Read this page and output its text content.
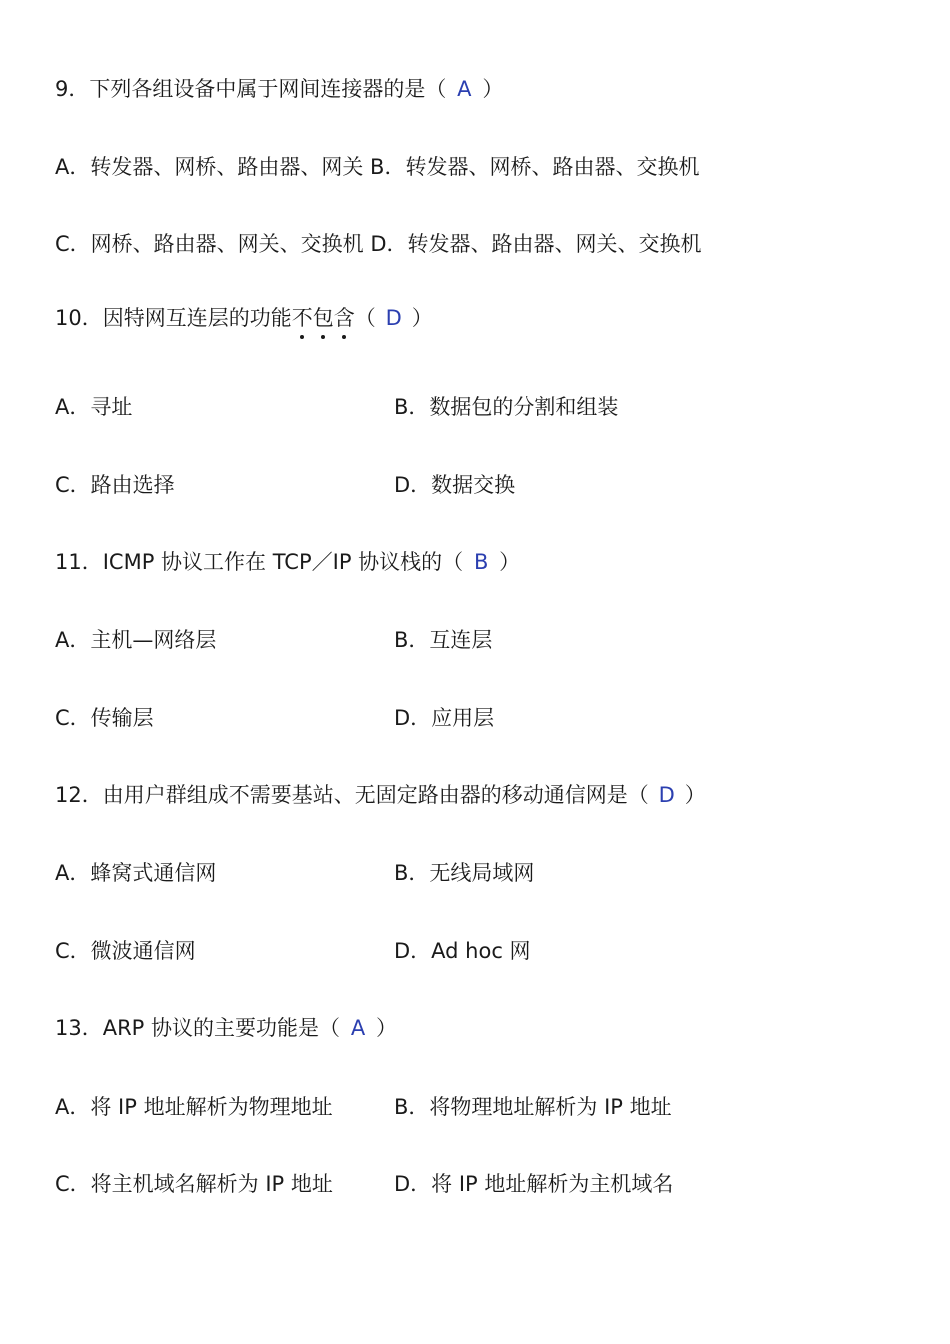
9．下列各组设备中属于网间连接器的是（ A ）
A．转发器、网桥、路由器、网关 B．转发器、网桥、路由器、交换机
C．网桥、路由器、网关、交换机 D．转发器、路由器、网关、交换机
10．因特网互连层的功能不包含（ D ）
A．寻址	B．数据包的分割和组装
C．路由选择	D．数据交换
11．ICMP 协议工作在 TCP／IP 协议栈的（ B ）
A．主机—网络层	B．互连层
C．传输层	D．应用层
12．由用户群组成不需要基站、无固定路由器的移动通信网是（ D ）
A．蜂窝式通信网	B．无线局域网
C．微波通信网	D．Ad hoc 网
13．ARP 协议的主要功能是（ A ）
A．将 IP 地址解析为物理地址	B．将物理地址解析为 IP 地址
C．将主机域名解析为 IP 地址	D．将 IP 地址解析为主机域名
